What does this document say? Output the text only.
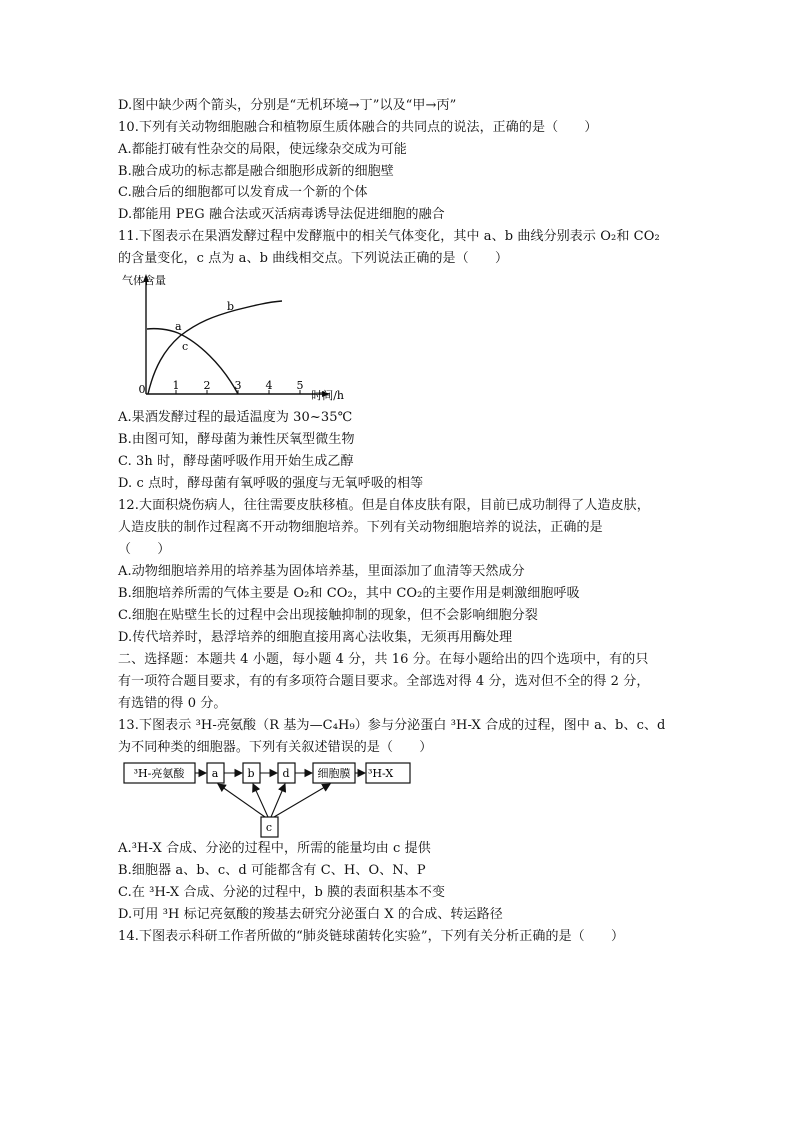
D.图中缺少两个箭头，分别是“无机环境→丁”以及“甲→丙”
10.下列有关动物细胞融合和植物原生质体融合的共同点的说法，正确的是（　　）
A.都能打破有性杂交的局限，使远缘杂交成为可能
B.融合成功的标志都是融合细胞形成新的细胞壁
C.融合后的细胞都可以发育成一个新的个体
D.都能用 PEG 融合法或灭活病毒诱导法促进细胞的融合
11.下图表示在果酒发酵过程中发酵瓶中的相关气体变化，其中 a、b 曲线分别表示 O₂和 CO₂
的含量变化，c 点为 a、b 曲线相交点。下列说法正确的是（　　）
气体含量
时间/h
a
b
c
0 1 2 3 4 5
A.果酒发酵过程的最适温度为 30~35℃
B.由图可知，酵母菌为兼性厌氧型微生物
C. 3h 时，酵母菌呼吸作用开始生成乙醇
D. c 点时，酵母菌有氧呼吸的强度与无氧呼吸的相等
12.大面积烧伤病人，往往需要皮肤移植。但是自体皮肤有限，目前已成功制得了人造皮肤，
人造皮肤的制作过程离不开动物细胞培养。下列有关动物细胞培养的说法，正确的是
（　　）
A.动物细胞培养用的培养基为固体培养基，里面添加了血清等天然成分
B.细胞培养所需的气体主要是 O₂和 CO₂，其中 CO₂的主要作用是刺激细胞呼吸
C.细胞在贴壁生长的过程中会出现接触抑制的现象，但不会影响细胞分裂
D.传代培养时，悬浮培养的细胞直接用离心法收集，无须再用酶处理
二、选择题：本题共 4 小题，每小题 4 分，共 16 分。在每小题给出的四个选项中，有的只
有一项符合题目要求，有的有多项符合题目要求。全部选对得 4 分，选对但不全的得 2 分，
有选错的得 0 分。
13.下图表示 ³H-亮氨酸（R 基为—C₄H₉）参与分泌蛋白 ³H-X 合成的过程，图中 a、b、c、d
为不同种类的细胞器。下列有关叙述错误的是（　　）
³H-亮氨酸 a	b	d	细胞膜 ³H-X
c
A.³H-X 合成、分泌的过程中，所需的能量均由 c 提供
B.细胞器 a、b、c、d 可能都含有 C、H、O、N、P
C.在 ³H-X 合成、分泌的过程中，b 膜的表面积基本不变
D.可用 ³H 标记亮氨酸的羧基去研究分泌蛋白 X 的合成、转运路径
14.下图表示科研工作者所做的“肺炎链球菌转化实验”，下列有关分析正确的是（　　）
